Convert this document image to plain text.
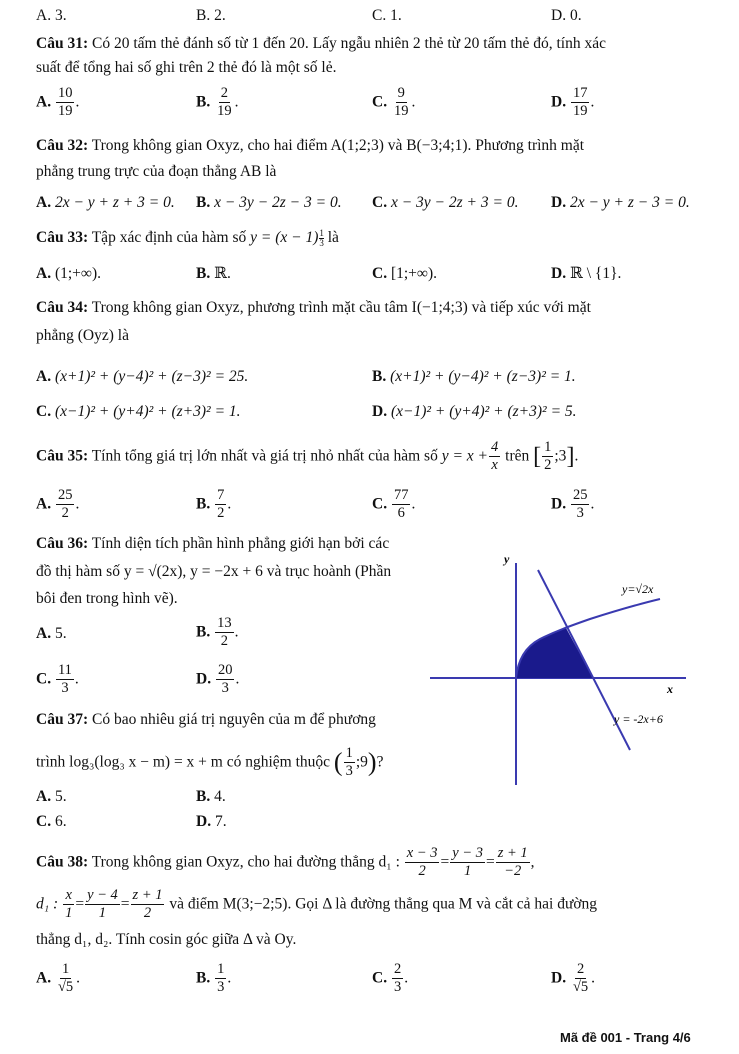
A. 3.	B. 2.	C. 1.	D. 0.
Câu 31: Có 20 tấm thẻ đánh số từ 1 đến 20. Lấy ngẫu nhiên 2 thẻ từ 20 tấm thẻ đó, tính xác
suất để tổng hai số ghi trên 2 thẻ đó là một số lẻ.
A. $\frac{10}{19}$ .	B. $\frac{2}{19}$ .	C. $\frac{9}{19}$ .	D. $\frac{17}{19}$ .
Câu 32: Trong không gian Oxyz, cho hai điểm A(1;2;3) và B(−3;4;1). Phương trình mặt
phẳng trung trực của đoạn thẳng AB là
A. 2x − y + z + 3 = 0. B. x − 3y − 2z − 3 = 0. C. x − 3y − 2z + 3 = 0. D. 2x − y + z − 3 = 0.
Câu 33: Tập xác định của hàm số $y = (x - 1) \frac{1}{3}$ là
A. (1;+∞).	B. ℝ.	C. [1;+∞).	D. ℝ \ {1}.
Câu 34: Trong không gian Oxyz, phương trình mặt cầu tâm I(−1;4;3) và tiếp xúc với mặt
phẳng (Oyz) là
A. (x+1)² + (y−4)² + (z−3)² = 25.	B. (x+1)² + (y−4)² + (z−3)² = 1.
C. (x−1)² + (y+4)² + (z+3)² = 1.	D. (x−1)² + (y+4)² + (z+3)² = 5.
Câu 35: Tính tổng giá trị lớn nhất và giá trị nhỏ nhất của hàm số $y = x + \frac{4}{x}$ trên [ $\frac{1}{2}$ ;3].
A. $\frac{25}{2}$ .	B. $\frac{7}{2}$ .	C. $\frac{77}{6}$ .	D. $\frac{25}{3}$ .
Câu 36: Tính diện tích phần hình phẳng giới hạn bởi các
đồ thị hàm số y = √(2x), y = −2x + 6 và trục hoành (Phần
bôi đen trong hình vẽ).
A. 5.	B. $\frac{13}{2}$ .
C. $\frac{11}{3}$ .	D. $\frac{20}{3}$ .
y
x
y=√2x
y = -2x+6
Câu 37: Có bao nhiêu giá trị nguyên của m để phương
trình log₃(log₃ x − m) = x + m có nghiệm thuộc ( $\frac{1}{3}$ ;9)?
A. 5.	B. 4.
C. 6.	D. 7.
Câu 38: Trong không gian Oxyz, cho hai đường thẳng d₁ : $\frac{x - 3}{2} = \frac{y - 3}{1} = \frac{z + 1}{-2}$ ,
d₁ : $\frac{x}{1} = \frac{y - 4}{1} = \frac{z + 1}{2}$ và điểm M(3;−2;5). Gọi Δ là đường thẳng qua M và cắt cả hai đường
thẳng d₁, d₂. Tính cosin góc giữa Δ và Oy.
A. $\frac{1}{√5}$ .	B. $\frac{1}{3}$ .	C. $\frac{2}{3}$ .	D. $\frac{2}{√5}$ .
Mã đề 001 - Trang 4/6
